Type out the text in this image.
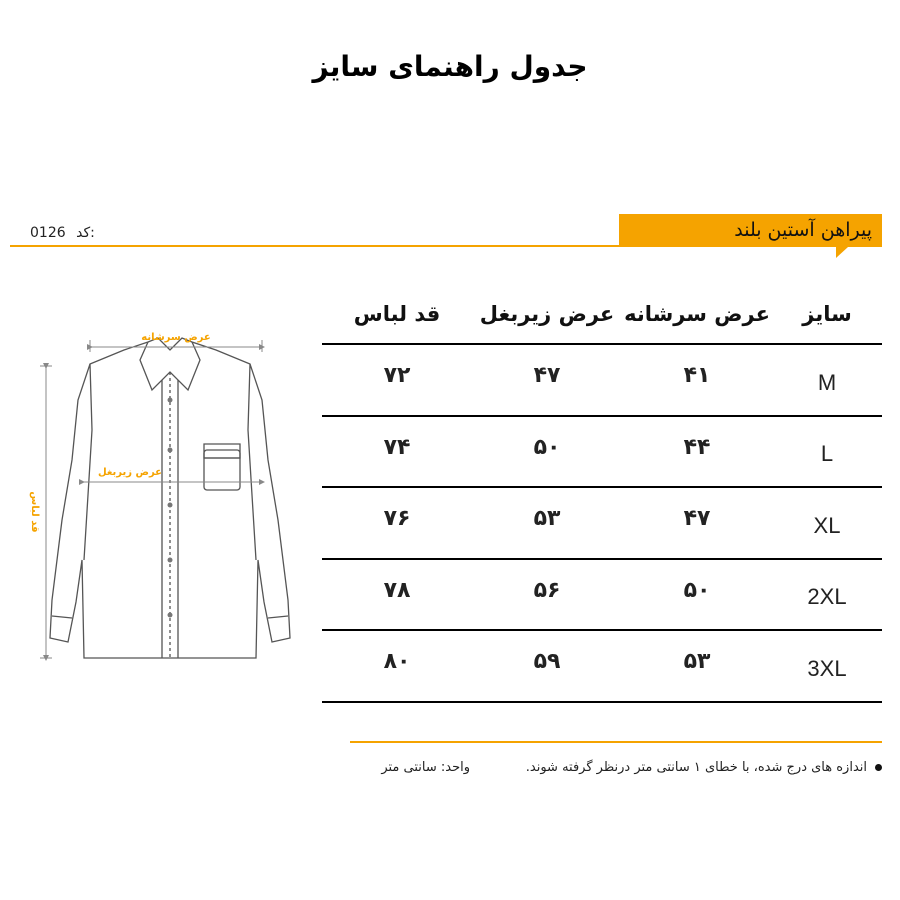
جدول راهنمای سایز
پیراهن آستین بلند
0126 کد:
عرض سرشانه
عرض زیربغل
قد لباس
سایز
عرض سرشانه
عرض زیربغل
قد لباس
M
۴۱
۴۷
۷۲
L
۴۴
۵۰
۷۴
XL
۴۷
۵۳
۷۶
2XL
۵۰
۵۶
۷۸
3XL
۵۳
۵۹
۸۰
اندازه های درج شده، با خطای ۱ سانتی متر درنظر گرفته شوند.
واحد: سانتی متر
